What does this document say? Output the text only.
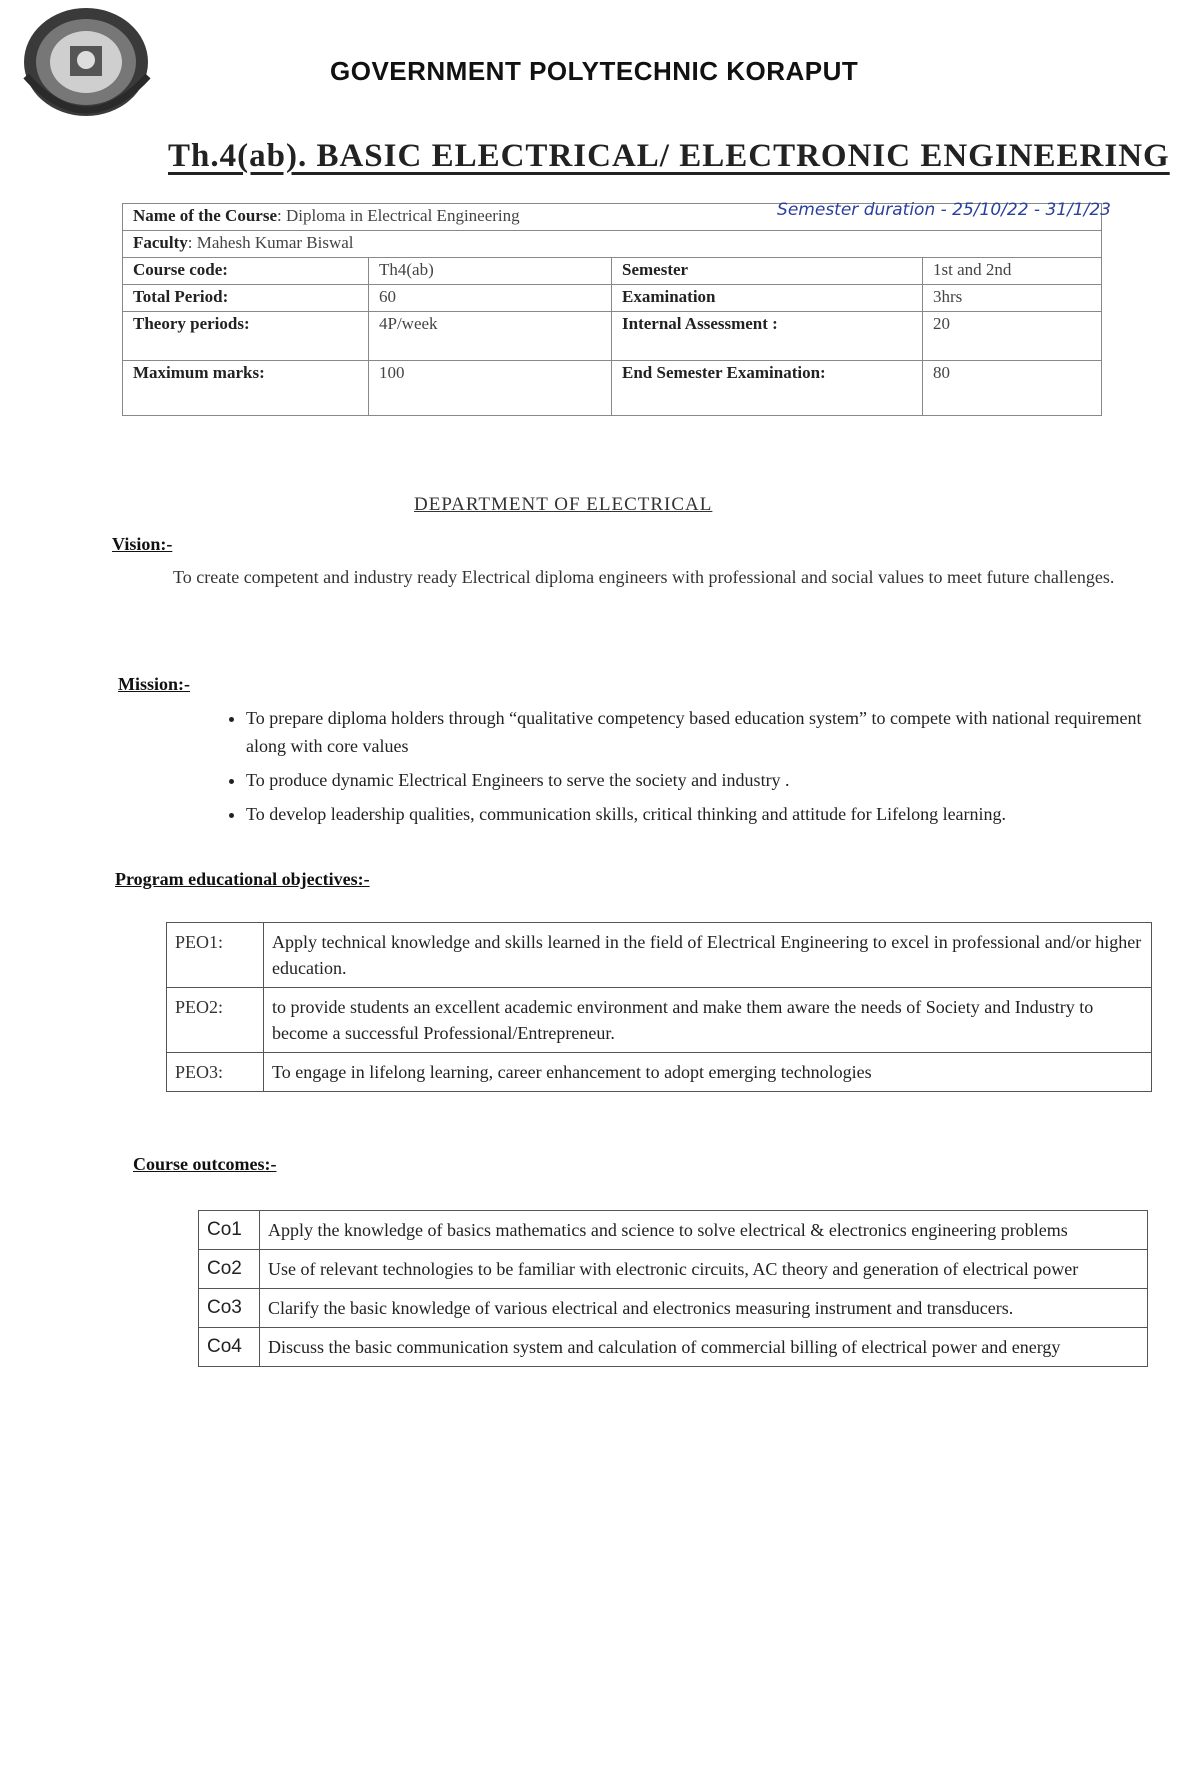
GOVERNMENT POLYTECHNIC KORAPUT
Th.4(ab). BASIC ELECTRICAL/ ELECTRONIC ENGINEERING
Name of the Course: Diploma in Electrical Engineering Semester duration - 25/10/22 - 31/1/23			

Faculty: Mahesh Kumar Biswal			
Course code:	Th4(ab)	Semester	1st and 2nd
Total Period:	60	Examination	3hrs
Theory periods:	4P/week	Internal Assessment :	20
Maximum marks:	100	End Semester Examination:	80
DEPARTMENT OF ELECTRICAL
Vision:-
To create competent and industry ready Electrical diploma engineers with professional and social values to meet future challenges.
Mission:-
• To prepare diploma holders through “qualitative competency based education system” to compete with national requirement along with core values
• To produce dynamic Electrical Engineers to serve the society and industry .
• To develop leadership qualities, communication skills, critical thinking and attitude for Lifelong learning.
Program educational objectives:-
PEO1:	Apply technical knowledge and skills learned in the field of Electrical Engineering to excel in professional and/or higher education.
PEO2:	to provide students an excellent academic environment and make them aware the needs of Society and Industry to become a successful Professional/Entrepreneur.
PEO3:	To engage in lifelong learning, career enhancement to adopt emerging technologies
Course outcomes:-
Co1	Apply the knowledge of basics mathematics and science to solve electrical & electronics engineering problems
Co2	Use of relevant technologies to be familiar with electronic circuits, AC theory and generation of electrical power
Co3	Clarify the basic knowledge of various electrical and electronics measuring instrument and transducers.
Co4	Discuss the basic communication system and calculation of commercial billing of electrical power and energy
